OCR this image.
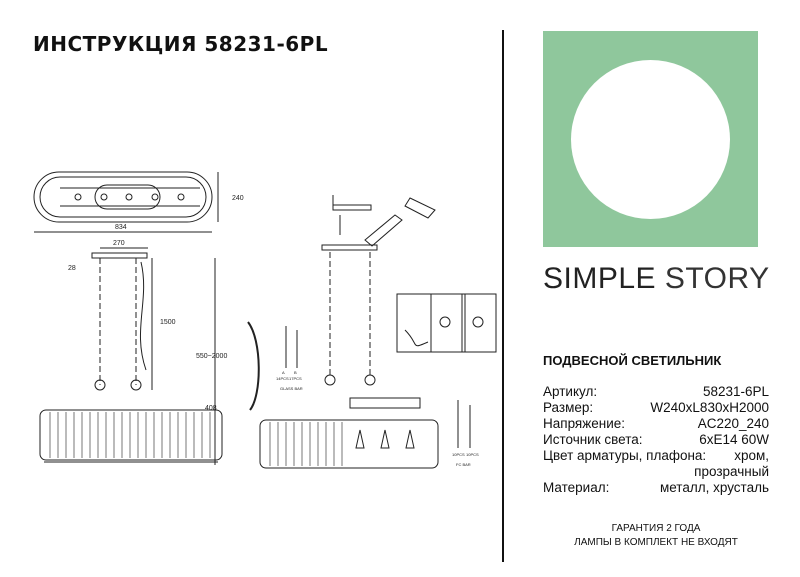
ИНСТРУКЦИЯ 58231-6PL
240
834
270
28
1500
550~2000
408
A B
14PCS 17PCS
GLASS BAR
10PCS 10PCS
FC BAR
SIMPLE STORY
ПОДВЕСНОЙ СВЕТИЛЬНИК
Артикул:	58231-6PL
Размер:	W240xL830xH2000
Напряжение:	AC220_240
Источник света:	6xE14 60W
Цвет арматуры, плафона: хром,
прозрачный
Материал:	металл, хрусталь
ГАРАНТИЯ 2 ГОДА
ЛАМПЫ В КОМПЛЕКТ НЕ ВХОДЯТ
